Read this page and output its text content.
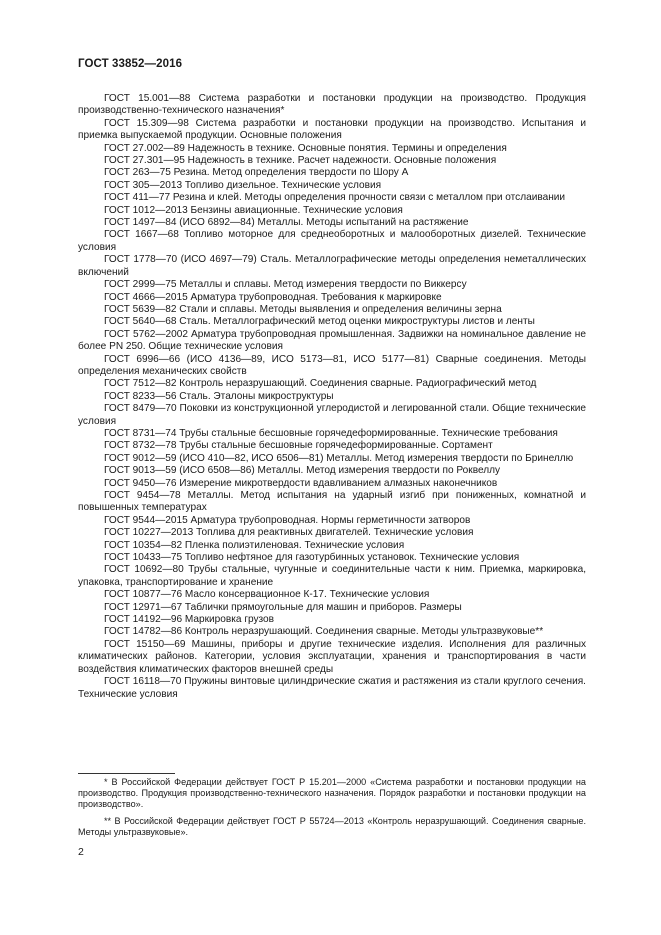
ГОСТ 33852—2016

ГОСТ 15.001—88 Система разработки и постановки продукции на производство. Продукция производственно-технического назначения*

ГОСТ 15.309—98 Система разработки и постановки продукции на производство. Испытания и приемка выпускаемой продукции. Основные положения

ГОСТ 27.002—89 Надежность в технике. Основные понятия. Термины и определения

ГОСТ 27.301—95 Надежность в технике. Расчет надежности. Основные положения

ГОСТ 263—75 Резина. Метод определения твердости по Шору А

ГОСТ 305—2013 Топливо дизельное. Технические условия

ГОСТ 411—77 Резина и клей. Методы определения прочности связи с металлом при отслаивании

ГОСТ 1012—2013 Бензины авиационные. Технические условия

ГОСТ 1497—84 (ИСО 6892—84) Металлы. Методы испытаний на растяжение

ГОСТ 1667—68 Топливо моторное для среднеоборотных и малооборотных дизелей. Технические условия

ГОСТ 1778—70 (ИСО 4697—79) Сталь. Металлографические методы определения неметаллических включений

ГОСТ 2999—75 Металлы и сплавы. Метод измерения твердости по Виккерсу

ГОСТ 4666—2015 Арматура трубопроводная. Требования к маркировке

ГОСТ 5639—82 Стали и сплавы. Методы выявления и определения величины зерна

ГОСТ 5640—68 Сталь. Металлографический метод оценки микроструктуры листов и ленты

ГОСТ 5762—2002 Арматура трубопроводная промышленная. Задвижки на номинальное давление не более PN 250. Общие технические условия

ГОСТ 6996—66 (ИСО 4136—89, ИСО 5173—81, ИСО 5177—81) Сварные соединения. Методы определения механических свойств

ГОСТ 7512—82 Контроль неразрушающий. Соединения сварные. Радиографический метод

ГОСТ 8233—56 Сталь. Эталоны микроструктуры

ГОСТ 8479—70 Поковки из конструкционной углеродистой и легированной стали. Общие технические условия

ГОСТ 8731—74 Трубы стальные бесшовные горячедеформированные. Технические требования

ГОСТ 8732—78 Трубы стальные бесшовные горячедеформированные. Сортамент

ГОСТ 9012—59 (ИСО 410—82, ИСО 6506—81) Металлы. Метод измерения твердости по Бринеллю

ГОСТ 9013—59 (ИСО 6508—86) Металлы. Метод измерения твердости по Роквеллу

ГОСТ 9450—76 Измерение микротвердости вдавливанием алмазных наконечников

ГОСТ 9454—78 Металлы. Метод испытания на ударный изгиб при пониженных, комнатной и повышенных температурах

ГОСТ 9544—2015 Арматура трубопроводная. Нормы герметичности затворов

ГОСТ 10227—2013 Топлива для реактивных двигателей. Технические условия

ГОСТ 10354—82 Пленка полиэтиленовая. Технические условия

ГОСТ 10433—75 Топливо нефтяное для газотурбинных установок. Технические условия

ГОСТ 10692—80 Трубы стальные, чугунные и соединительные части к ним. Приемка, маркировка, упаковка, транспортирование и хранение

ГОСТ 10877—76 Масло консервационное К-17. Технические условия

ГОСТ 12971—67 Таблички прямоугольные для машин и приборов. Размеры

ГОСТ 14192—96 Маркировка грузов

ГОСТ 14782—86 Контроль неразрушающий. Соединения сварные. Методы ультразвуковые**

ГОСТ 15150—69 Машины, приборы и другие технические изделия. Исполнения для различных климатических районов. Категории, условия эксплуатации, хранения и транспортирования в части воздействия климатических факторов внешней среды

ГОСТ 16118—70 Пружины винтовые цилиндрические сжатия и растяжения из стали круглого сечения. Технические условия

* В Российской Федерации действует ГОСТ Р 15.201—2000 «Система разработки и постановки продукции на производство. Продукция производственно-технического назначения. Порядок разработки и постановки продукции на производство».

** В Российской Федерации действует ГОСТ Р 55724—2013 «Контроль неразрушающий. Соединения сварные. Методы ультразвуковые».

2
